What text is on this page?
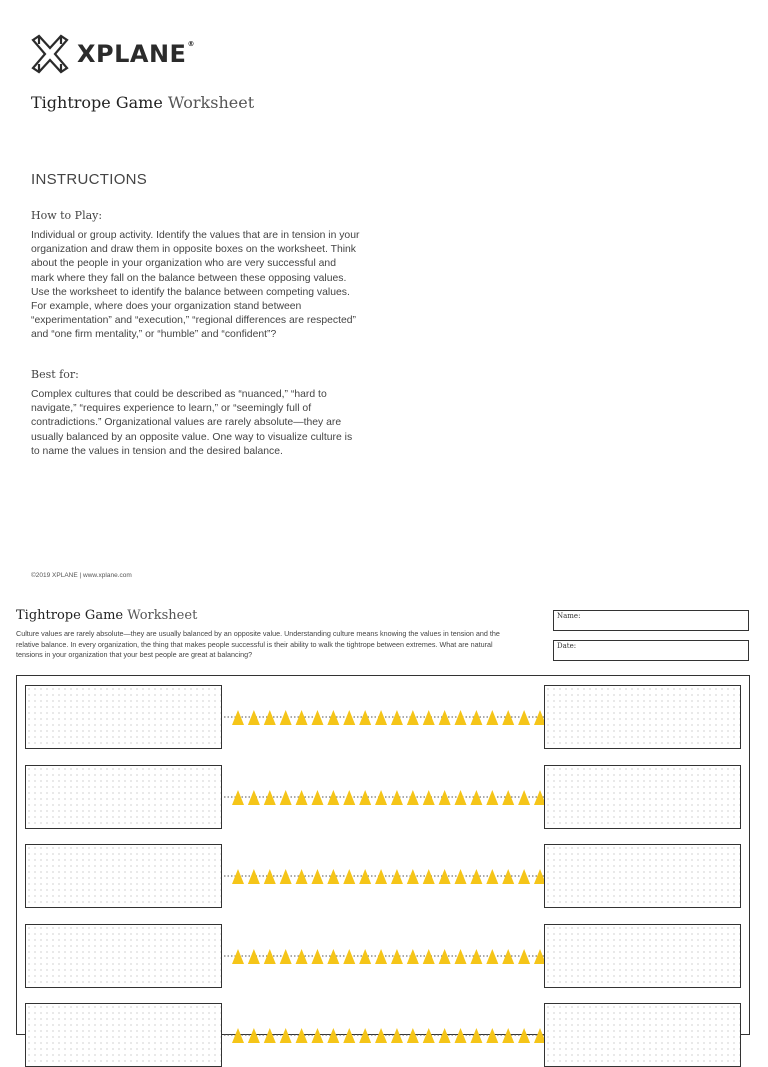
XPLANE®
Tightrope Game Worksheet
INSTRUCTIONS
How to Play:

Individual or group activity. Identify the values that are in tension in your organization and draw them in opposite boxes on the worksheet. Think about the people in your organization who are very successful and mark where they fall on the balance between these opposing values. Use the worksheet to identify the balance between competing values. For example, where does your organization stand between “experimentation” and “execution,” “regional differences are respected” and “one firm mentality,” or “humble” and “confident”?

Best for:

Complex cultures that could be described as “nuanced,” “hard to navigate,” “requires experience to learn,” or “seemingly full of contradictions.” Organizational values are rarely absolute—they are usually balanced by an opposite value. One way to visualize culture is to name the values in tension and the desired balance.

©2019 XPLANE | www.xplane.com
Tightrope Game Worksheet

Culture values are rarely absolute—they are usually balanced by an opposite value. Understanding culture means knowing the values in tension and the relative balance. In every organization, the thing that makes people successful is their ability to walk the tightrope between extremes. What are natural tensions in your organization that your best people are great at balancing?

Name:
Date:
